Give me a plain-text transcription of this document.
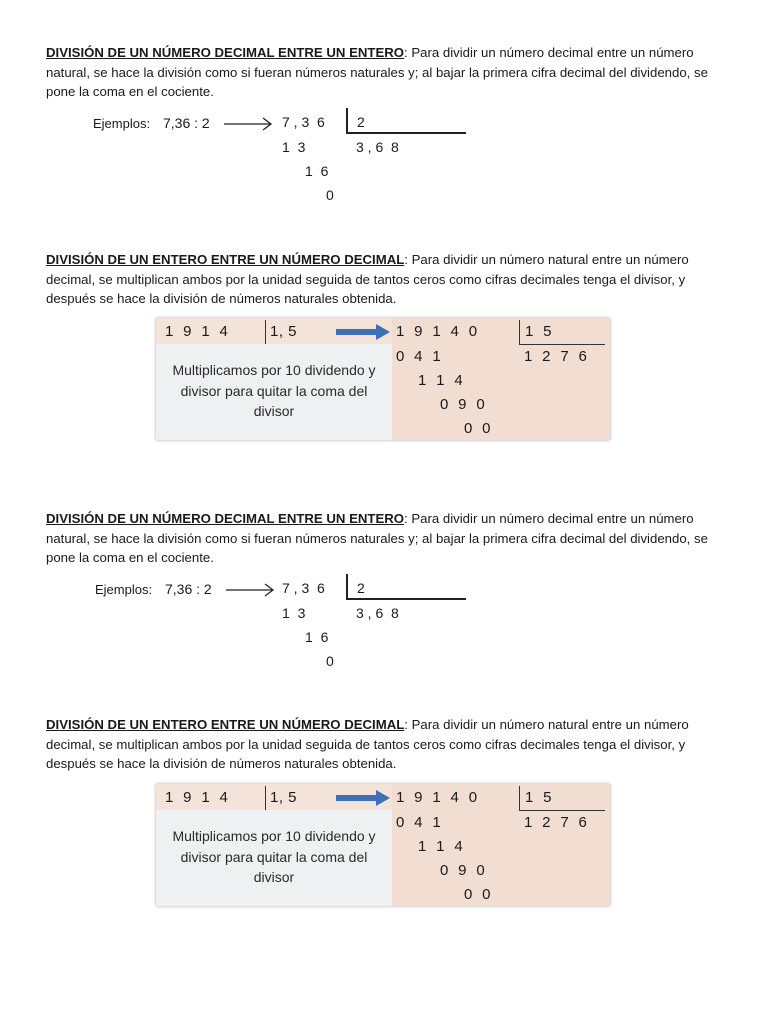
DIVISIÓN DE UN NÚMERO DECIMAL ENTRE UN ENTERO: Para dividir un número decimal entre un número natural, se hace la división como si fueran números naturales y; al bajar la primera cifra decimal del dividendo, se pone la coma en el cociente.

Ejemplos: 7,36 : 2	7 , 3  6 2
3 , 6  8
1  3
1  6
0

DIVISIÓN DE UN ENTERO ENTRE UN NÚMERO DECIMAL: Para dividir un número natural entre un número decimal, se multiplican ambos por la unidad seguida de tantos ceros como cifras decimales tenga el divisor, y después se hace la división de números naturales obtenida.

1  9  1  4	1, 5
Multiplicamos por 10 dividendo y divisor para quitar la coma del divisor
1  9  1  4  0	1  5
1  2  7  6
0  4  1
1  1  4
0  9  0
0  0

DIVISIÓN DE UN NÚMERO DECIMAL ENTRE UN ENTERO: Para dividir un número decimal entre un número natural, se hace la división como si fueran números naturales y; al bajar la primera cifra decimal del dividendo, se pone la coma en el cociente.

Ejemplos: 7,36 : 2	7 , 3  6 2
3 , 6  8
1  3
1  6
0

DIVISIÓN DE UN ENTERO ENTRE UN NÚMERO DECIMAL: Para dividir un número natural entre un número decimal, se multiplican ambos por la unidad seguida de tantos ceros como cifras decimales tenga el divisor, y después se hace la división de números naturales obtenida.

1  9  1  4	1, 5
Multiplicamos por 10 dividendo y divisor para quitar la coma del divisor
1  9  1  4  0	1  5
1  2  7  6
0  4  1
1  1  4
0  9  0
0  0
